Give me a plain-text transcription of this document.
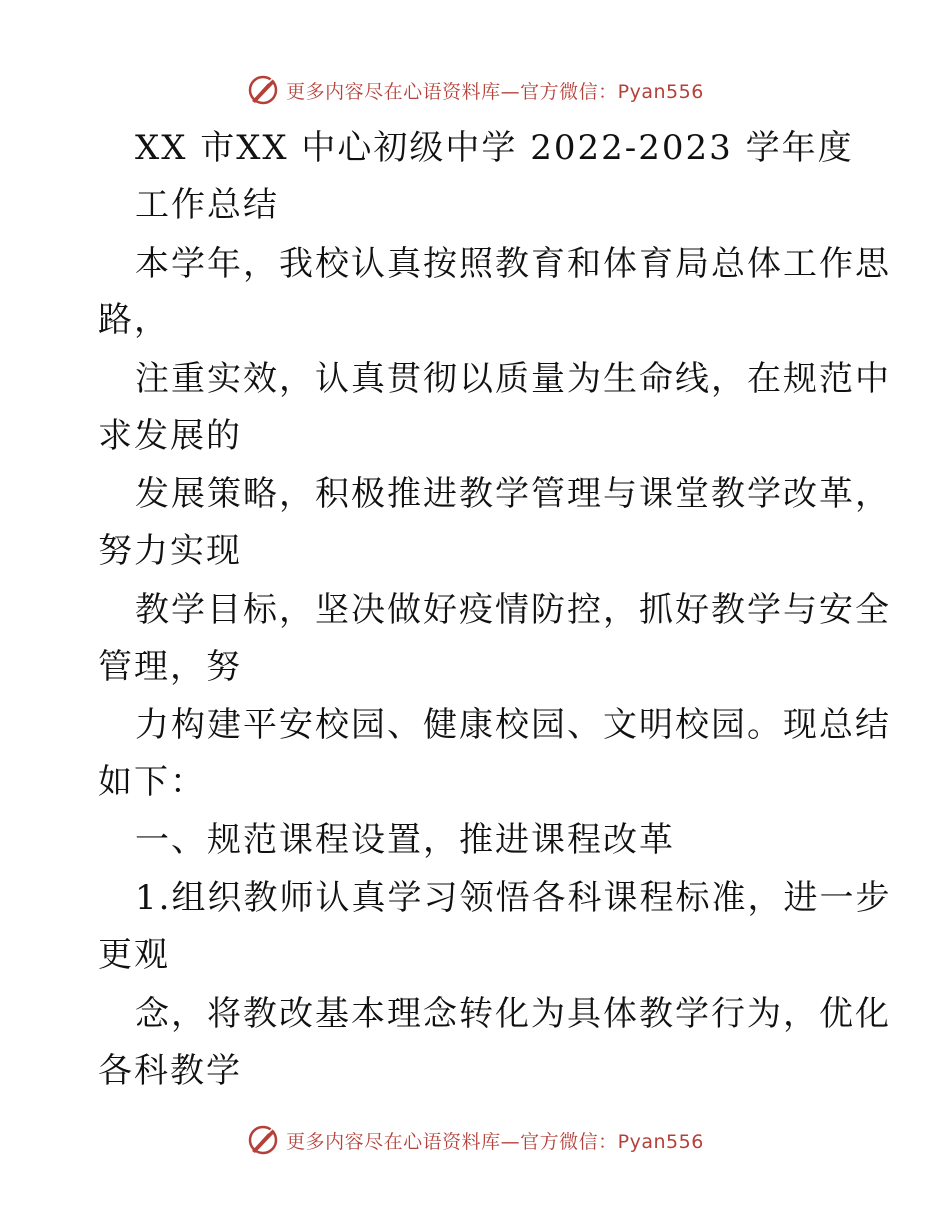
更多内容尽在心语资料库—官方微信：Pyan556
XX 市XX 中心初级中学 2022-2023 学年度
工作总结
本学年，我校认真按照教育和体育局总体工作思
路，
注重实效，认真贯彻以质量为生命线，在规范中
求发展的
发展策略，积极推进教学管理与课堂教学改革，
努力实现
教学目标，坚决做好疫情防控，抓好教学与安全
管理，努
力构建平安校园、健康校园、文明校园。现总结
如下：
一、规范课程设置，推进课程改革
1.组织教师认真学习领悟各科课程标准，进一步
更观
念，将教改基本理念转化为具体教学行为，优化
各科教学
更多内容尽在心语资料库—官方微信：Pyan556
